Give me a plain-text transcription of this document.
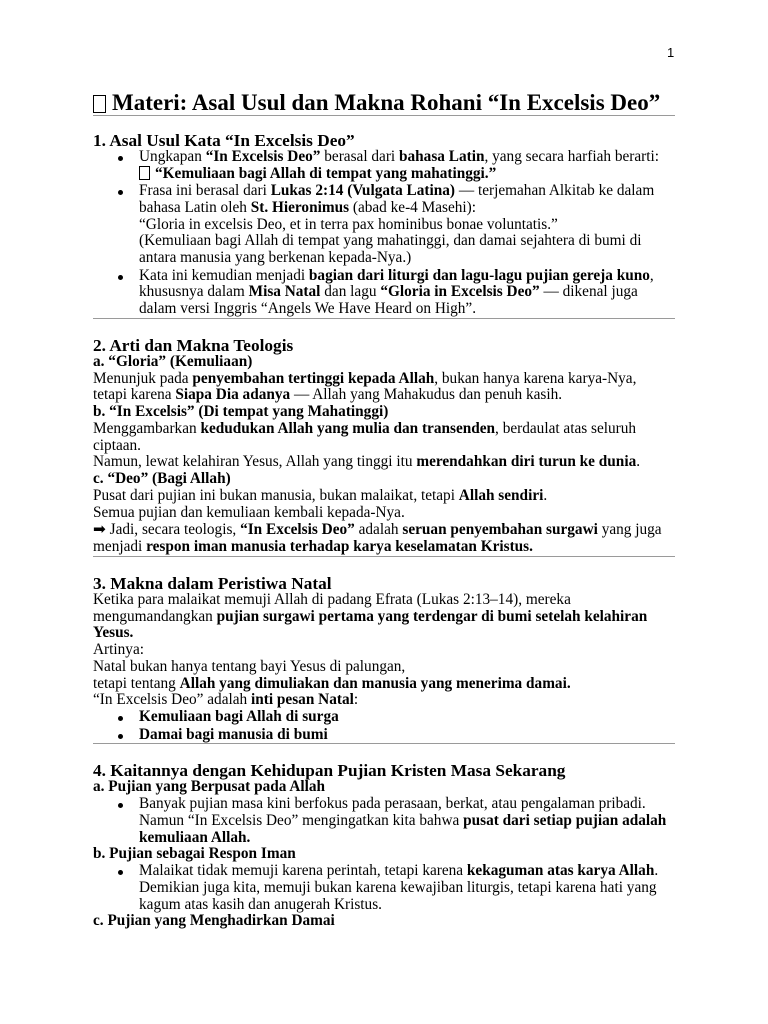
1
Materi: Asal Usul dan Makna Rohani “In Excelsis Deo”
1. Asal Usul Kata “In Excelsis Deo”
Ungkapan “In Excelsis Deo” berasal dari bahasa Latin, yang secara harfiah berarti:
“Kemuliaan bagi Allah di tempat yang mahatinggi.”
Frasa ini berasal dari Lukas 2:14 (Vulgata Latina) — terjemahan Alkitab ke dalam
bahasa Latin oleh St. Hieronimus (abad ke-4 Masehi):
“Gloria in excelsis Deo, et in terra pax hominibus bonae voluntatis.”
(Kemuliaan bagi Allah di tempat yang mahatinggi, dan damai sejahtera di bumi di
antara manusia yang berkenan kepada-Nya.)
Kata ini kemudian menjadi bagian dari liturgi dan lagu-lagu pujian gereja kuno,
khususnya dalam Misa Natal dan lagu “Gloria in Excelsis Deo” — dikenal juga
dalam versi Inggris “Angels We Have Heard on High”.
2. Arti dan Makna Teologis
a. “Gloria” (Kemuliaan)
Menunjuk pada penyembahan tertinggi kepada Allah, bukan hanya karena karya-Nya,
tetapi karena Siapa Dia adanya — Allah yang Mahakudus dan penuh kasih.
b. “In Excelsis” (Di tempat yang Mahatinggi)
Menggambarkan kedudukan Allah yang mulia dan transenden, berdaulat atas seluruh
ciptaan.
Namun, lewat kelahiran Yesus, Allah yang tinggi itu merendahkan diri turun ke dunia.
c. “Deo” (Bagi Allah)
Pusat dari pujian ini bukan manusia, bukan malaikat, tetapi Allah sendiri.
Semua pujian dan kemuliaan kembali kepada-Nya.
➡ Jadi, secara teologis, “In Excelsis Deo” adalah seruan penyembahan surgawi yang juga
menjadi respon iman manusia terhadap karya keselamatan Kristus.
3. Makna dalam Peristiwa Natal
Ketika para malaikat memuji Allah di padang Efrata (Lukas 2:13–14), mereka
mengumandangkan pujian surgawi pertama yang terdengar di bumi setelah kelahiran
Yesus.
Artinya:
Natal bukan hanya tentang bayi Yesus di palungan,
tetapi tentang Allah yang dimuliakan dan manusia yang menerima damai.
“In Excelsis Deo” adalah inti pesan Natal:
Kemuliaan bagi Allah di surga
Damai bagi manusia di bumi
4. Kaitannya dengan Kehidupan Pujian Kristen Masa Sekarang
a. Pujian yang Berpusat pada Allah
Banyak pujian masa kini berfokus pada perasaan, berkat, atau pengalaman pribadi.
Namun “In Excelsis Deo” mengingatkan kita bahwa pusat dari setiap pujian adalah
kemuliaan Allah.
b. Pujian sebagai Respon Iman
Malaikat tidak memuji karena perintah, tetapi karena kekaguman atas karya Allah.
Demikian juga kita, memuji bukan karena kewajiban liturgis, tetapi karena hati yang
kagum atas kasih dan anugerah Kristus.
c. Pujian yang Menghadirkan Damai
